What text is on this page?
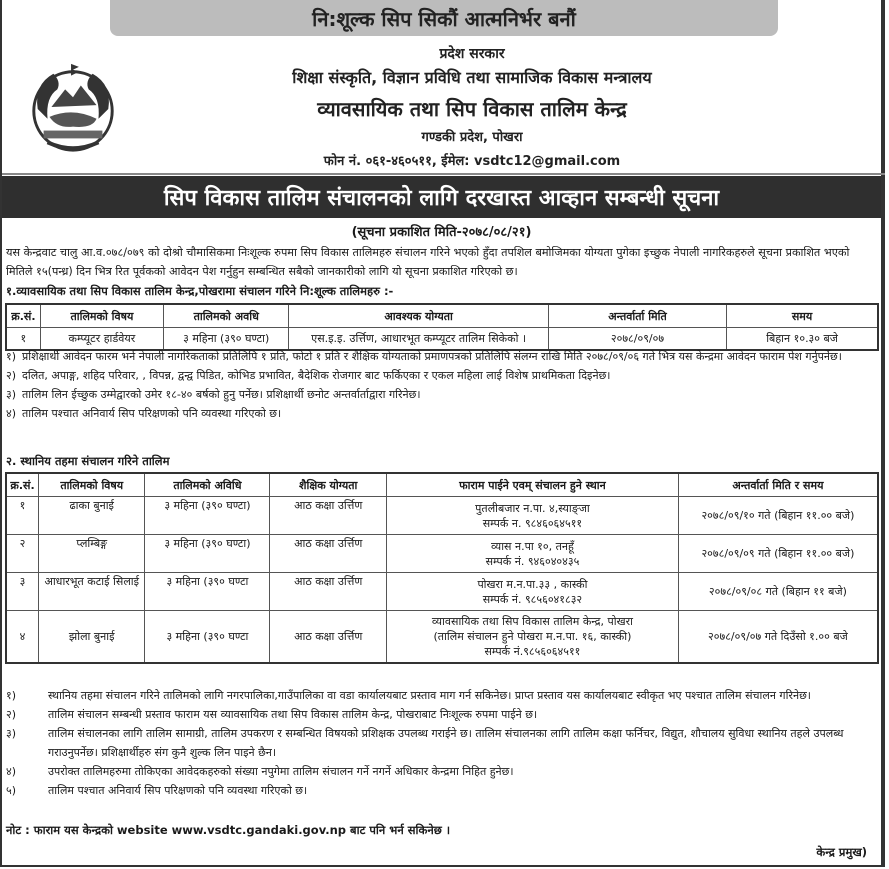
नि:शूल्क सिप सिकौं आत्मनिर्भर बनौं
प्रदेश सरकार
शिक्षा संस्कृति, विज्ञान प्रविधि तथा सामाजिक विकास मन्त्रालय
व्यावसायिक तथा सिप विकास तालिम केन्द्र
गण्डकी प्रदेश, पोखरा
फोन नं. ०६१-४६०५११, ईमेल: vsdtc12@gmail.com
सिप विकास तालिम संचालनको लागि दरखास्त आव्हान सम्बन्धी सूचना
(सूचना प्रकाशित मिति-२०७८/०८/२१)
यस केन्द्रवाट चालु आ.व.०७८/०७९ को दोश्रो चौमासिकमा निःशूल्क रुपमा सिप विकास तालिमहरु संचालन गरिने भएको हुँदा तपशिल बमोजिमका योग्यता पुगेका इच्छुक नेपाली नागरिकहरुले सूचना प्रकाशित भएको मितिले १५(पन्ध्र) दिन भित्र रित पूर्वकको आवेदन पेश गर्नुहुन सम्बन्धित सबैको जानकारीको लागि यो सूचना प्रकाशित गरिएको छ।
१.व्यावसायिक तथा सिप विकास तालिम केन्द्र,पोखरामा संचालन गरिने नि:शूल्क तालिमहरु :-
क्र.सं.	तालिमको विषय	तालिमको अवधि	आवश्यक योग्यता	अन्तर्वार्ता मिति	समय
१	कम्प्यूटर हार्डवेयर	३ महिना (३९० घण्टा)	एस.इ.इ. उर्त्तिण, आधारभूत कम्प्यूटर तालिम सिकेको ।	२०७८/०९/०७	बिहान १०.३० बजे
१) प्रशिक्षार्थी आवेदन फारम भर्न नेपाली नागरिकताको प्रतिलिपि १ प्रति, फोटो १ प्रति र शैक्षिक योग्यताको प्रमाणपत्रको प्रतिलिपि संलग्न राखि मिति २०७८/०९/०६ गते भित्र यस केन्द्रमा आवेदन फाराम पेश गर्नुपर्नेछ।
२) दलित, अपाङ्ग, शहिद परिवार, , विपन्न, द्वन्द्व पिडित, कोभिड प्रभावित, बैदेशिक रोजगार बाट फर्किएका र एकल महिला लाई विशेष प्राथमिकता दिइनेछ।
३) तालिम लिन ईच्छुक उम्मेद्वारको उमेर १८-४० बर्षको हुनु पर्नेछ। प्रशिक्षार्थी छनोट अन्तर्वार्ताद्वारा गरिनेछ।
४) तालिम पश्चात अनिवार्य सिप परिक्षणको पनि व्यवस्था गरिएको छ।
२. स्थानिय तहमा संचालन गरिने तालिम
क्र.सं.	तालिमको विषय	तालिमको अविधि	शैक्षिक योग्यता	फाराम पाईने एवम् संचालन हुने स्थान	अन्तर्वार्ता मिति र समय
१	ढाका बुनाई	३ महिना (३९० घण्टा)	आठ कक्षा उर्त्तिण	पुतलीबजार न.पा. ४,स्याङ्जा
सम्पर्क न. ९८४६०६४५११	२०७८/०९/१० गते (बिहान ११.०० बजे)
२	प्लम्बिङ्ग	३ महिना (३९० घण्टा)	आठ कक्षा उर्त्तिण	व्यास न.पा १०, तनहूँ
सम्पर्क नं. ९४६०४०४३५	२०७८/०९/०९ गते (बिहान ११.०० बजे)
३	आधारभूत कटाई सिलाई	३ महिना (३९० घण्टा	आठ कक्षा उर्त्तिण	पोखरा म.न.पा.३३ , कास्की
सम्पर्क नं. ९८५६०४१८३२	२०७८/०९/०८ गते (बिहान ११ बजे)
४	झोला बुनाई	३ महिना (३९० घण्टा	आठ कक्षा उर्त्तिण	व्यावसायिक तथा सिप विकास तालिम केन्द्र, पोखरा
(तालिम संचालन हुने पोखरा म.न.पा. १६, कास्की)
सम्पर्क नं.९८५६०६४५११	२०७८/०९/०७ गते दिउँसो १.०० बजे
१)	स्थानिय तहमा संचालन गरिने तालिमको लागि नगरपालिका,गाउँपालिका वा वडा कार्यालयबाट प्रस्ताव माग गर्न सकिनेछ। प्राप्त प्रस्ताव यस कार्यालयबाट स्वीकृत भए पश्चात तालिम संचालन गरिनेछ।
२)	तालिम संचालन सम्बन्धी प्रस्ताव फाराम यस व्यावसायिक तथा सिप विकास तालिम केन्द्र, पोखराबाट निःशूल्क रुपमा पाईने छ।
३)	तालिम संचालनका लागि तालिम सामाग्री, तालिम उपकरण र सम्बन्धित विषयको प्रशिक्षक उपलब्ध गराईने छ। तालिम संचालनका लागि तालिम कक्षा फर्निचर, विद्युत, शौचालय सुविधा स्थानिय तहले उपलब्ध गराउनुपर्नेछ। प्रशिक्षार्थीहरु संग कुनै शुल्क लिन पाइने छैन।
४)	उपरोक्त तालिमहरुमा तोकिएका आवेदकहरुको संख्या नपुगेमा तालिम संचालन गर्ने नगर्ने अधिकार केन्द्रमा निहित हुनेछ।
५)	तालिम पश्चात अनिवार्य सिप परिक्षणको पनि व्यवस्था गरिएको छ।
नोट : फाराम यस केन्द्रको website www.vsdtc.gandaki.gov.np बाट पनि भर्न सकिनेछ ।
केन्द्र प्रमुख)
